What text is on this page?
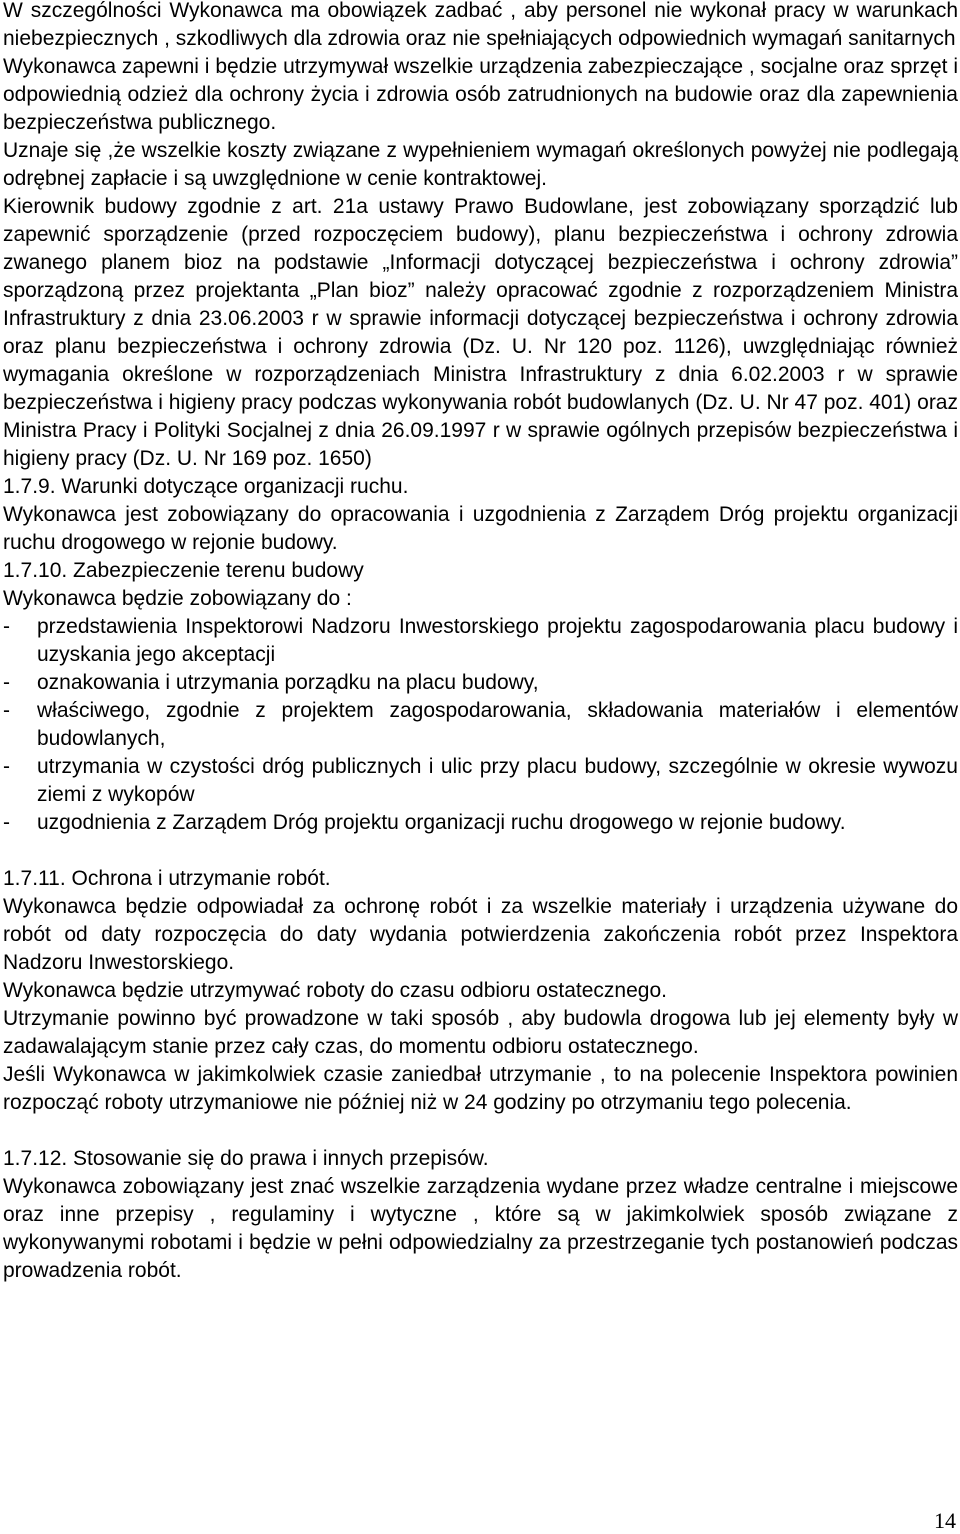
W szczególności Wykonawca ma obowiązek zadbać , aby personel nie wykonał pracy w warunkach niebezpiecznych , szkodliwych dla zdrowia oraz nie spełniających odpowiednich wymagań sanitarnych

Wykonawca zapewni i będzie utrzymywał wszelkie urządzenia zabezpieczające , socjalne oraz sprzęt i odpowiednią odzież dla ochrony życia i zdrowia osób zatrudnionych na budowie oraz dla zapewnienia bezpieczeństwa publicznego.

Uznaje się ,że wszelkie koszty związane z wypełnieniem wymagań określonych powyżej nie podlegają odrębnej zapłacie i są uwzględnione w cenie kontraktowej.

Kierownik budowy zgodnie z art. 21a ustawy Prawo Budowlane, jest zobowiązany sporządzić lub zapewnić sporządzenie (przed rozpoczęciem budowy), planu bezpieczeństwa i ochrony zdrowia zwanego planem bioz na podstawie „Informacji dotyczącej bezpieczeństwa i ochrony zdrowia” sporządzoną przez projektanta „Plan bioz” należy opracować zgodnie z rozporządzeniem Ministra Infrastruktury z dnia 23.06.2003 r w sprawie informacji dotyczącej bezpieczeństwa i ochrony zdrowia oraz planu bezpieczeństwa i ochrony zdrowia (Dz. U. Nr 120 poz. 1126), uwzględniając również wymagania określone w rozporządzeniach Ministra Infrastruktury z dnia 6.02.2003 r w sprawie bezpieczeństwa i higieny pracy podczas wykonywania robót budowlanych (Dz. U. Nr 47 poz. 401) oraz Ministra Pracy i Polityki Socjalnej z dnia 26.09.1997 r w sprawie ogólnych przepisów bezpieczeństwa i higieny pracy (Dz. U. Nr 169 poz. 1650)

1.7.9. Warunki dotyczące organizacji ruchu.

Wykonawca jest zobowiązany do opracowania i uzgodnienia z Zarządem Dróg projektu organizacji ruchu drogowego w rejonie budowy.

1.7.10. Zabezpieczenie terenu budowy

Wykonawca będzie zobowiązany do :

-	przedstawienia Inspektorowi Nadzoru Inwestorskiego projektu zagospodarowania placu budowy i uzyskania jego akceptacji
-	oznakowania i utrzymania porządku na placu budowy,
-	właściwego, zgodnie z projektem zagospodarowania, składowania materiałów i elementów budowlanych,
-	utrzymania w czystości dróg publicznych i ulic przy placu budowy, szczególnie w okresie wywozu ziemi z wykopów
-	uzgodnienia z Zarządem Dróg projektu organizacji ruchu drogowego w rejonie budowy.

1.7.11. Ochrona i utrzymanie robót.

Wykonawca będzie odpowiadał za ochronę robót i za wszelkie materiały i urządzenia używane do robót od daty rozpoczęcia do daty wydania potwierdzenia zakończenia robót przez Inspektora Nadzoru Inwestorskiego.

Wykonawca będzie utrzymywać roboty do czasu odbioru ostatecznego.

Utrzymanie powinno być prowadzone w taki sposób , aby budowla drogowa lub jej elementy były w zadawalającym stanie przez cały czas, do momentu odbioru ostatecznego.

Jeśli Wykonawca w jakimkolwiek czasie zaniedbał utrzymanie , to na polecenie Inspektora powinien rozpocząć roboty utrzymaniowe nie później niż w 24 godziny po otrzymaniu tego polecenia.

1.7.12. Stosowanie się do prawa i innych przepisów.

Wykonawca zobowiązany jest znać wszelkie zarządzenia wydane przez władze centralne i miejscowe oraz inne przepisy , regulaminy i wytyczne , które są w jakimkolwiek sposób związane z wykonywanymi robotami i będzie w pełni odpowiedzialny za przestrzeganie tych postanowień podczas prowadzenia robót.

14
